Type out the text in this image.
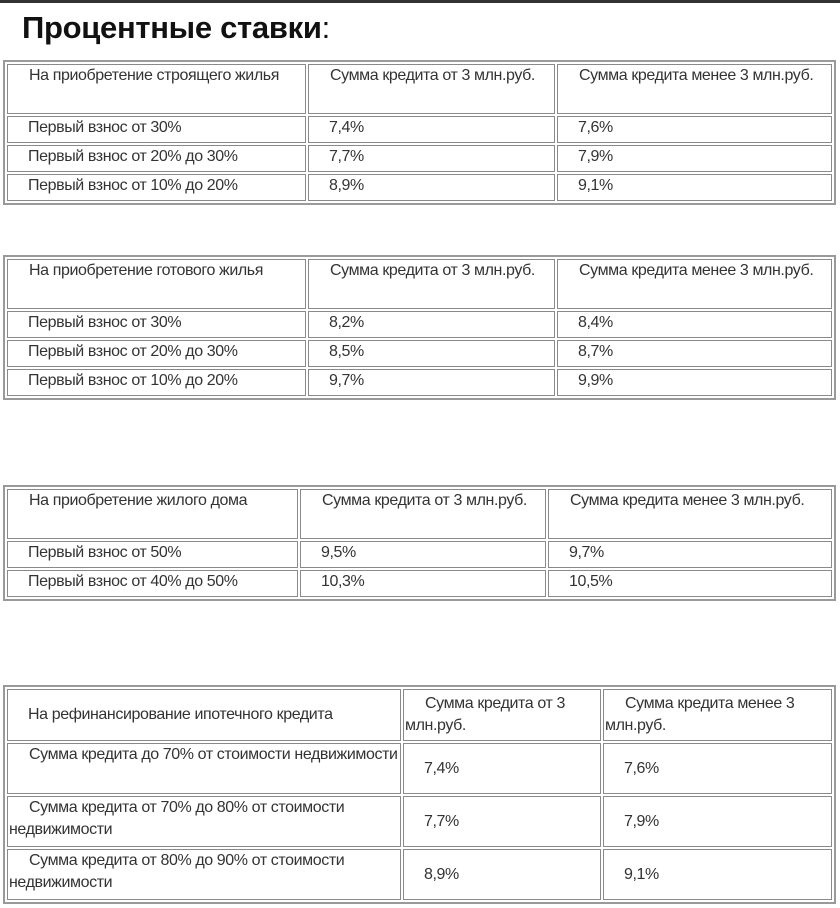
Процентные ставки:
На приобретение строящего жилья	Сумма кредита от 3 млн.руб.	Сумма кредита менее 3 млн.руб.
Первый взнос от 30%	7,4%	7,6%
Первый взнос от 20% до 30%	7,7%	7,9%
Первый взнос от 10% до 20%	8,9%	9,1%
На приобретение готового жилья	Сумма кредита от 3 млн.руб.	Сумма кредита менее 3 млн.руб.
Первый взнос от 30%	8,2%	8,4%
Первый взнос от 20% до 30%	8,5%	8,7%
Первый взнос от 10% до 20%	9,7%	9,9%
На приобретение жилого дома	Сумма кредита от 3 млн.руб.	Сумма кредита менее 3 млн.руб.
Первый взнос от 50%	9,5%	9,7%
Первый взнос от 40% до 50%	10,3%	10,5%
На рефинансирование ипотечного кредита	Сумма кредита от 3 млн.руб.	Сумма кредита менее 3 млн.руб.
Сумма кредита до 70% от стоимости недвижимости	7,4%	7,6%
Сумма кредита от 70% до 80% от стоимости недвижимости	7,7%	7,9%
Сумма кредита от 80% до 90% от стоимости недвижимости	8,9%	9,1%
